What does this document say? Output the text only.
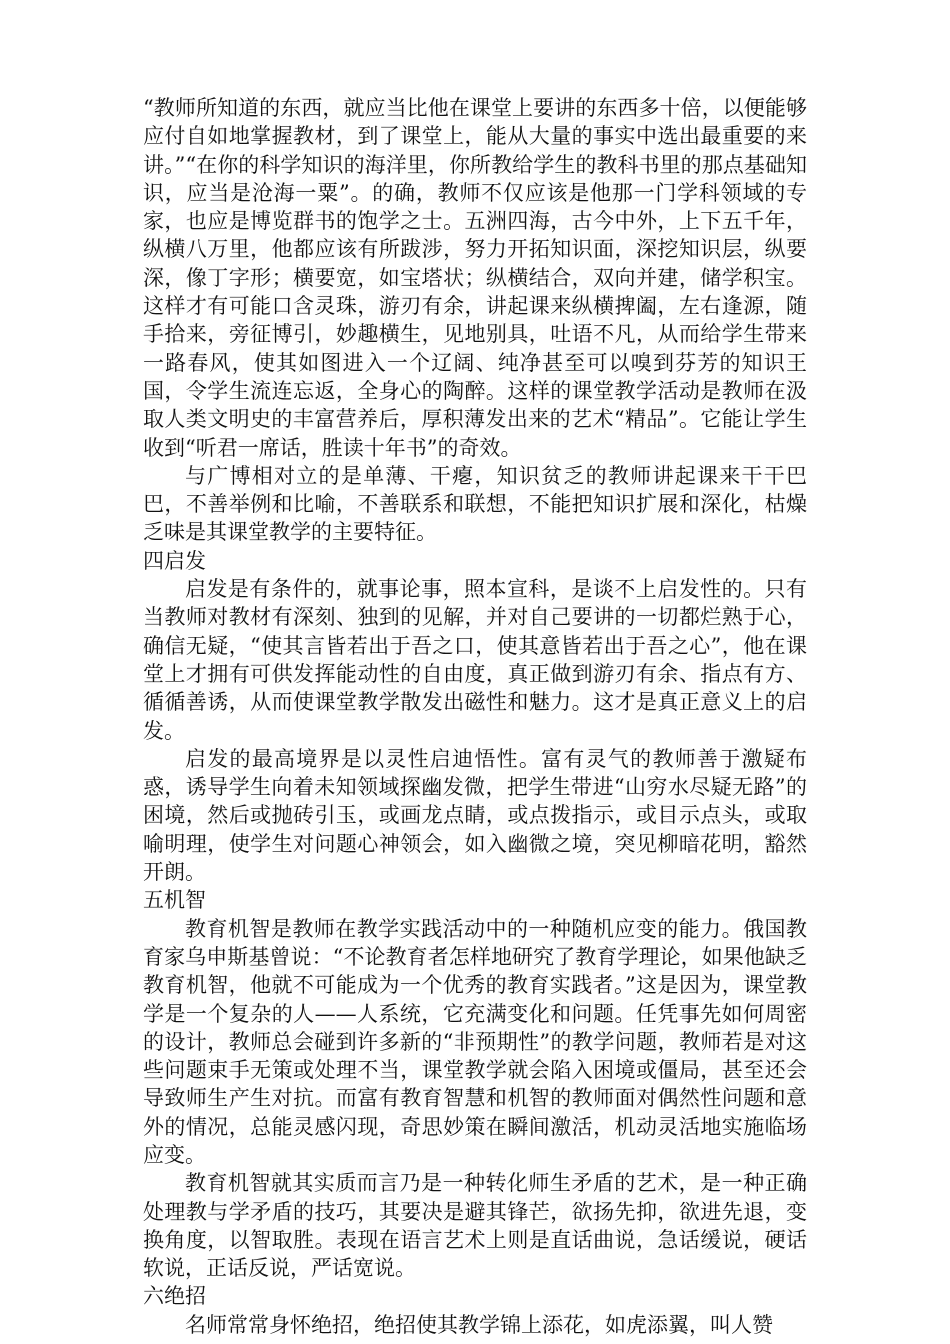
“教师所知道的东西，就应当比他在课堂上要讲的东西多十倍，以便能够应付自如地掌握教材，到了课堂上，能从大量的事实中选出最重要的来讲。”“在你的科学知识的海洋里，你所教给学生的教科书里的那点基础知识，应当是沧海一粟”。的确，教师不仅应该是他那一门学科领域的专家，也应是博览群书的饱学之士。五洲四海，古今中外，上下五千年，纵横八万里，他都应该有所跋涉，努力开拓知识面，深挖知识层，纵要深，像丁字形；横要宽，如宝塔状；纵横结合，双向并建，储学积宝。这样才有可能口含灵珠，游刃有余，讲起课来纵横捭阖，左右逢源，随手拾来，旁征博引，妙趣横生，见地别具，吐语不凡，从而给学生带来一路春风，使其如图进入一个辽阔、纯净甚至可以嗅到芬芳的知识王国，令学生流连忘返，全身心的陶醉。这样的课堂教学活动是教师在汲取人类文明史的丰富营养后，厚积薄发出来的艺术“精品”。它能让学生收到“听君一席话，胜读十年书”的奇效。

与广博相对立的是单薄、干瘪，知识贫乏的教师讲起课来干干巴巴，不善举例和比喻，不善联系和联想，不能把知识扩展和深化，枯燥乏味是其课堂教学的主要特征。

四启发

启发是有条件的，就事论事，照本宣科，是谈不上启发性的。只有当教师对教材有深刻、独到的见解，并对自己要讲的一切都烂熟于心，确信无疑，“使其言皆若出于吾之口，使其意皆若出于吾之心”，他在课堂上才拥有可供发挥能动性的自由度，真正做到游刃有余、指点有方、循循善诱，从而使课堂教学散发出磁性和魅力。这才是真正意义上的启发。

启发的最高境界是以灵性启迪悟性。富有灵气的教师善于激疑布惑，诱导学生向着未知领域探幽发微，把学生带进“山穷水尽疑无路”的困境，然后或抛砖引玉，或画龙点睛，或点拨指示，或目示点头，或取喻明理，使学生对问题心神领会，如入幽微之境，突见柳暗花明，豁然开朗。

五机智

教育机智是教师在教学实践活动中的一种随机应变的能力。俄国教育家乌申斯基曾说：“不论教育者怎样地研究了教育学理论，如果他缺乏教育机智，他就不可能成为一个优秀的教育实践者。”这是因为，课堂教学是一个复杂的人——人系统，它充满变化和问题。任凭事先如何周密的设计，教师总会碰到许多新的“非预期性”的教学问题，教师若是对这些问题束手无策或处理不当，课堂教学就会陷入困境或僵局，甚至还会导致师生产生对抗。而富有教育智慧和机智的教师面对偶然性问题和意外的情况，总能灵感闪现，奇思妙策在瞬间激活，机动灵活地实施临场应变。

教育机智就其实质而言乃是一种转化师生矛盾的艺术，是一种正确处理教与学矛盾的技巧，其要决是避其锋芒，欲扬先抑，欲进先退，变换角度，以智取胜。表现在语言艺术上则是直话曲说，急话缓说，硬话软说，正话反说，严话宽说。

六绝招

名师常常身怀绝招，绝招使其教学锦上添花，如虎添翼，叫人赞
